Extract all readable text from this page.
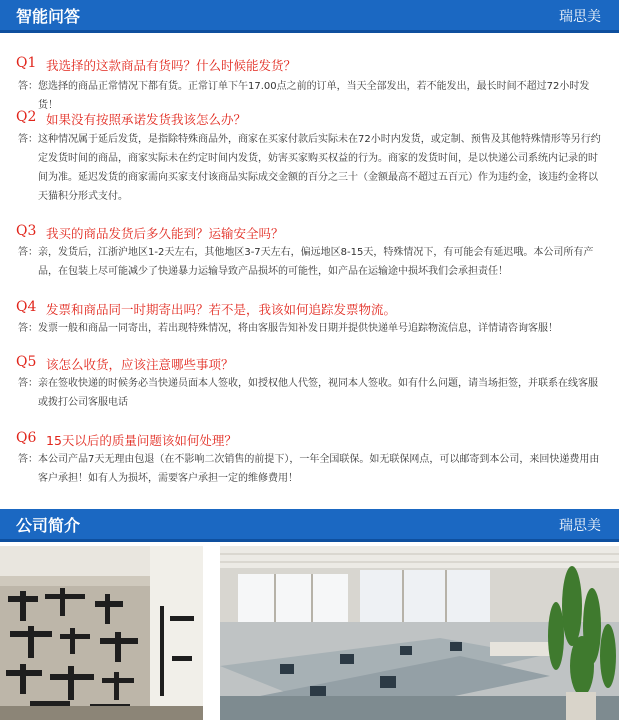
智能问答	瑞思美
Q1 我选择的这款商品有货吗？什么时候能发货？
答： 您选择的商品正常情况下都有货。正常订单下午17.00点之前的订单，当天全部发出，若不能发出，最长时间不超过72小时发货！
Q2 如果没有按照承诺发货我该怎么办？
答： 这种情况属于延后发货，是指除特殊商品外，商家在买家付款后实际未在72小时内发货，或定制、预售及其他特殊情形等另行约定发货时间的商品，商家实际未在约定时间内发货，妨害买家购买权益的行为。商家的发货时间，是以快递公司系统内记录的时间为准。延迟发货的商家需向买家支付该商品实际成交金额的百分之三十（金额最高不超过五百元）作为违约金，该违约金将以天猫积分形式支付。
Q3 我买的商品发货后多久能到？运输安全吗？
答： 亲，发货后，江浙沪地区1-2天左右，其他地区3-7天左右，偏远地区8-15天，特殊情况下，有可能会有延迟哦。本公司所有产品，在包装上尽可能减少了快递暴力运输导致产品损坏的可能性，如产品在运输途中损坏我们会承担责任！
Q4 发票和商品同一时期寄出吗？若不是，我该如何追踪发票物流。
答： 发票一般和商品一同寄出，若出现特殊情况，将由客服告知补发日期并提供快递单号追踪物流信息，详情请咨询客服！
Q5 该怎么收货，应该注意哪些事项？
答： 亲在签收快递的时候务必当快递员面本人签收，如授权他人代签，视同本人签收。如有什么问题，请当场拒签，并联系在线客服或拨打公司客服电话
Q6 15天以后的质量问题该如何处理？
答： 本公司产品7天无理由包退（在不影响二次销售的前提下），一年全国联保。如无联保网点，可以邮寄到本公司，来回快递费用由客户承担！如有人为损坏，需要客户承担一定的维修费用！
公司简介	瑞思美
